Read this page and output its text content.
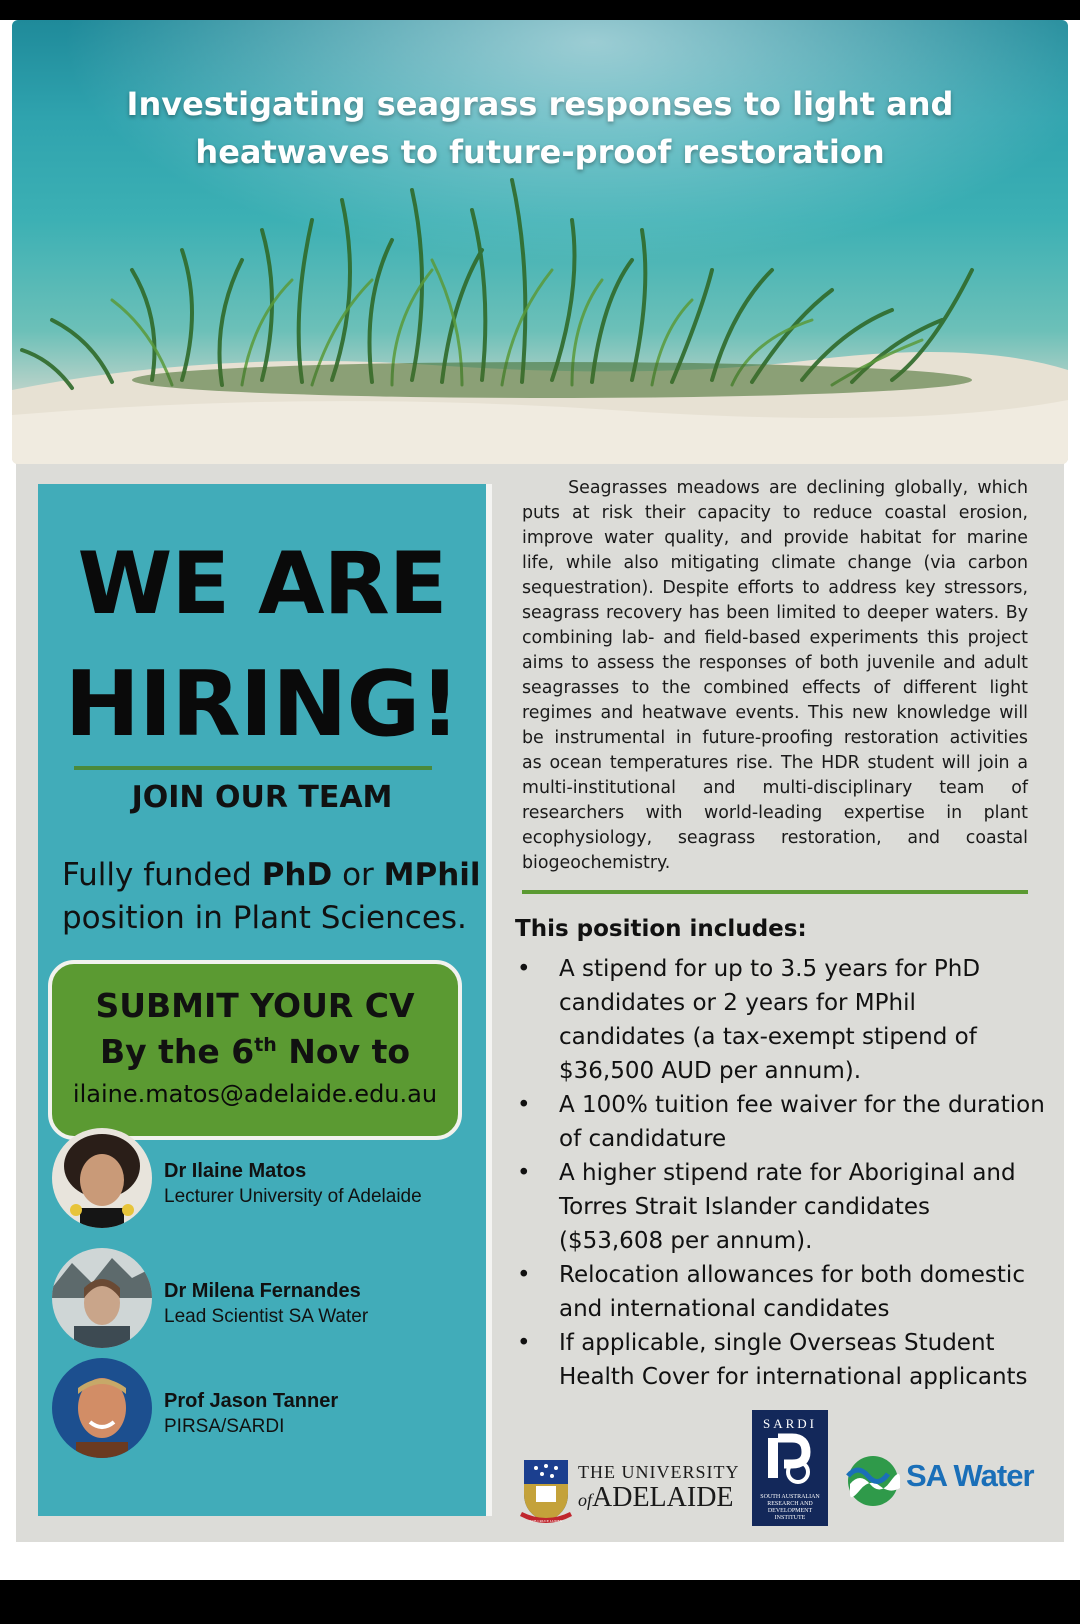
Investigating seagrass responses to light and
heatwaves to future-proof restoration
WE ARE
HIRING!
JOIN OUR TEAM
Fully funded PhD or MPhil
position in Plant Sciences.
SUBMIT YOUR CV
By the 6th Nov to
ilaine.matos@adelaide.edu.au
Dr Ilaine Matos
Lecturer University of Adelaide
Dr Milena Fernandes
Lead Scientist SA Water
Prof Jason Tanner
PIRSA/SARDI
Seagrasses meadows are declining globally, which
puts at risk their capacity to reduce coastal erosion,
improve water quality, and provide habitat for marine
life, while also mitigating climate change (via carbon
sequestration). Despite efforts to address key stressors,
seagrass recovery has been limited to deeper waters. By
combining lab- and field-based experiments this project
aims to assess the responses of both juvenile and adult
seagrasses to the combined effects of different light
regimes and heatwave events. This new knowledge will
be instrumental in future-proofing restoration activities
as ocean temperatures rise. The HDR student will join a
multi-institutional and multi-disciplinary team of
researchers with world-leading expertise in plant
ecophysiology, seagrass restoration, and coastal
biogeochemistry.
This position includes:
• A stipend for up to 3.5 years for PhD
candidates or 2 years for MPhil
candidates (a tax-exempt stipend of
$36,500 AUD per annum).
• A 100% tuition fee waiver for the duration
of candidature
• A higher stipend rate for Aboriginal and
Torres Strait Islander candidates
($53,608 per annum).
• Relocation allowances for both domestic
and international candidates
• If applicable, single Overseas Student
Health Cover for international applicants
SUB CRUCE LUMEN
THE UNIVERSITY
ofADELAIDE
SARDI
SOUTH AUSTRALIAN RESEARCH AND DEVELOPMENT INSTITUTE
SA Water
